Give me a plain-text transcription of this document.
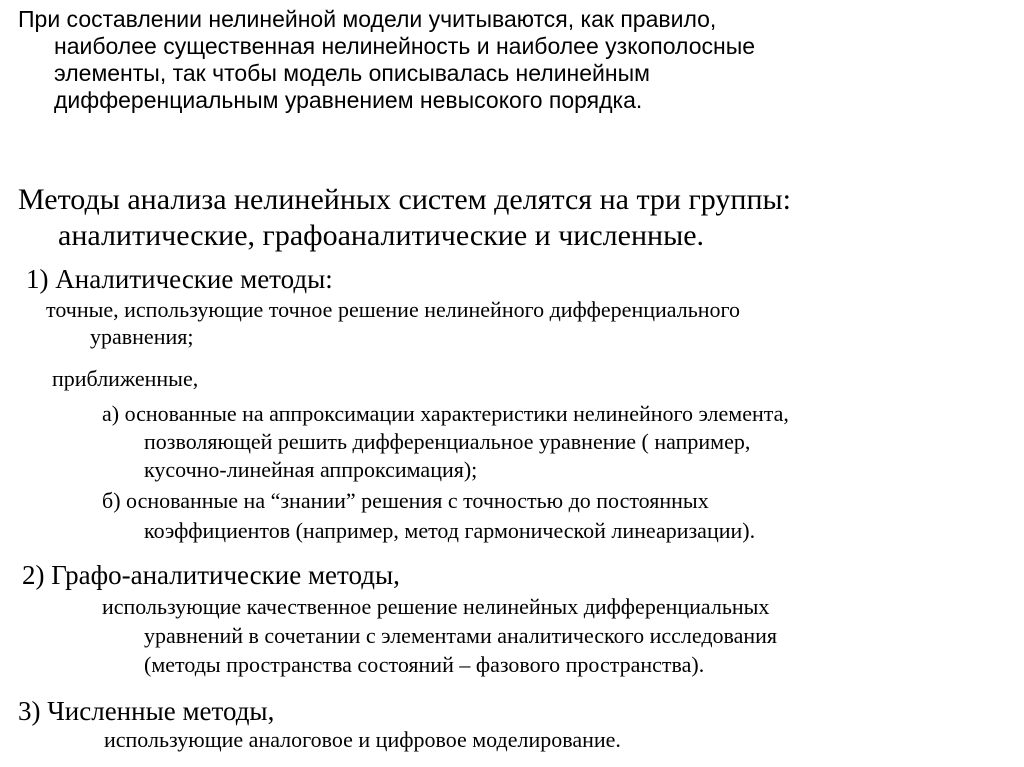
При составлении нелинейной модели учитываются, как правило,
наиболее существенная нелинейность и наиболее узкополосные
элементы, так чтобы модель описывалась нелинейным
дифференциальным уравнением невысокого порядка.
Методы анализа нелинейных систем делятся на три группы:
аналитические, графоаналитические и численные.
1) Аналитические методы:
точные, использующие точное решение нелинейного дифференциального
уравнения;
приближенные,
а) основанные на аппроксимации характеристики нелинейного элемента,
позволяющей решить дифференциальное уравнение ( например,
кусочно-линейная аппроксимация);
б) основанные на “знании” решения с точностью до постоянных
коэффициентов (например, метод гармонической линеаризации).
2) Графо-аналитические методы,
использующие качественное решение нелинейных дифференциальных
уравнений в сочетании с элементами аналитического исследования
(методы пространства состояний – фазового пространства).
3) Численные методы,
использующие аналоговое и цифровое моделирование.
